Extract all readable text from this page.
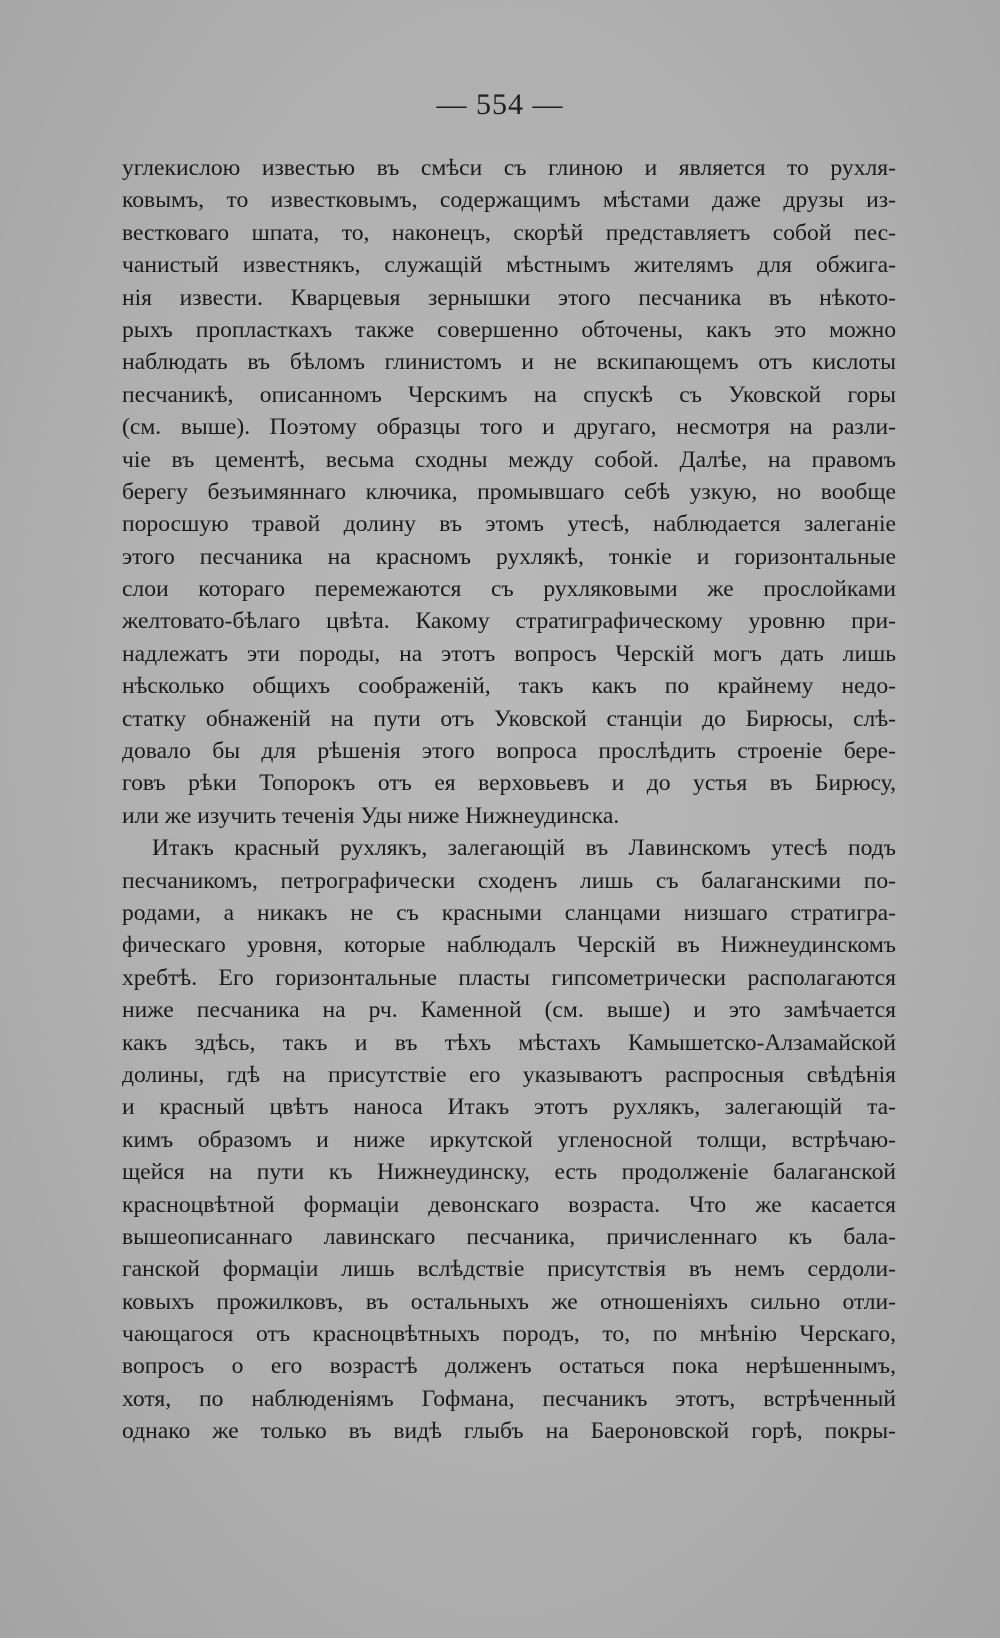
— 554 —
углекислою известью въ смѣси съ глиною и является то рухля-
ковымъ, то известковымъ, содержащимъ мѣстами даже друзы из-
вестковаго шпата, то, наконецъ, скорѣй представляетъ собой пес-
чанистый известнякъ, служащій мѣстнымъ жителямъ для обжига-
нія извести. Кварцевыя зернышки этого песчаника въ нѣкото-
рыхъ пропласткахъ также совершенно обточены, какъ это можно
наблюдать въ бѣломъ глинистомъ и не вскипающемъ отъ кислоты
песчаникѣ, описанномъ Черскимъ на спускѣ съ Уковской горы
(см. выше). Поэтому образцы того и другаго, несмотря на разли-
чіе въ цементѣ, весьма сходны между собой. Далѣе, на правомъ
берегу безъимяннаго ключика, промывшаго себѣ узкую, но вообще
поросшую травой долину въ этомъ утесѣ, наблюдается залеганіе
этого песчаника на красномъ рухлякѣ, тонкіе и горизонтальные
слои котораго перемежаются съ рухляковыми же прослойками
желтовато-бѣлаго цвѣта. Какому стратиграфическому уровню при-
надлежатъ эти породы, на этотъ вопросъ Черскій могъ дать лишь
нѣсколько общихъ соображеній, такъ какъ по крайнему недо-
статку обнаженій на пути отъ Уковской станціи до Бирюсы, слѣ-
довало бы для рѣшенія этого вопроса прослѣдить строеніе бере-
говъ рѣки Топорокъ отъ ея верховьевъ и до устья въ Бирюсу,
или же изучить теченія Уды ниже Нижнеудинска.
Итакъ красный рухлякъ, залегающій въ Лавинскомъ утесѣ подъ
песчаникомъ, петрографически сходенъ лишь съ балаганскими по-
родами, а никакъ не съ красными сланцами низшаго стратигра-
фическаго уровня, которые наблюдалъ Черскій въ Нижнеудинскомъ
хребтѣ. Его горизонтальные пласты гипсометрически располагаются
ниже песчаника на рч. Каменной (см. выше) и это замѣчается
какъ здѣсь, такъ и въ тѣхъ мѣстахъ Камышетско-Алзамайской
долины, гдѣ на присутствіе его указываютъ распросныя свѣдѣнія
и красный цвѣтъ наноса Итакъ этотъ рухлякъ, залегающій та-
кимъ образомъ и ниже иркутской угленосной толщи, встрѣчаю-
щейся на пути къ Нижнеудинску, есть продолженіе балаганской
красноцвѣтной формаціи девонскаго возраста. Что же касается
вышеописаннаго лавинскаго песчаника, причисленнаго къ бала-
ганской формаціи лишь вслѣдствіе присутствія въ немъ сердоли-
ковыхъ прожилковъ, въ остальныхъ же отношеніяхъ сильно отли-
чающагося отъ красноцвѣтныхъ породъ, то, по мнѣнію Черскаго,
вопросъ о его возрастѣ долженъ остаться пока нерѣшеннымъ,
хотя, по наблюденіямъ Гофмана, песчаникъ этотъ, встрѣченный
однако же только въ видѣ глыбъ на Баероновской горѣ, покры-
